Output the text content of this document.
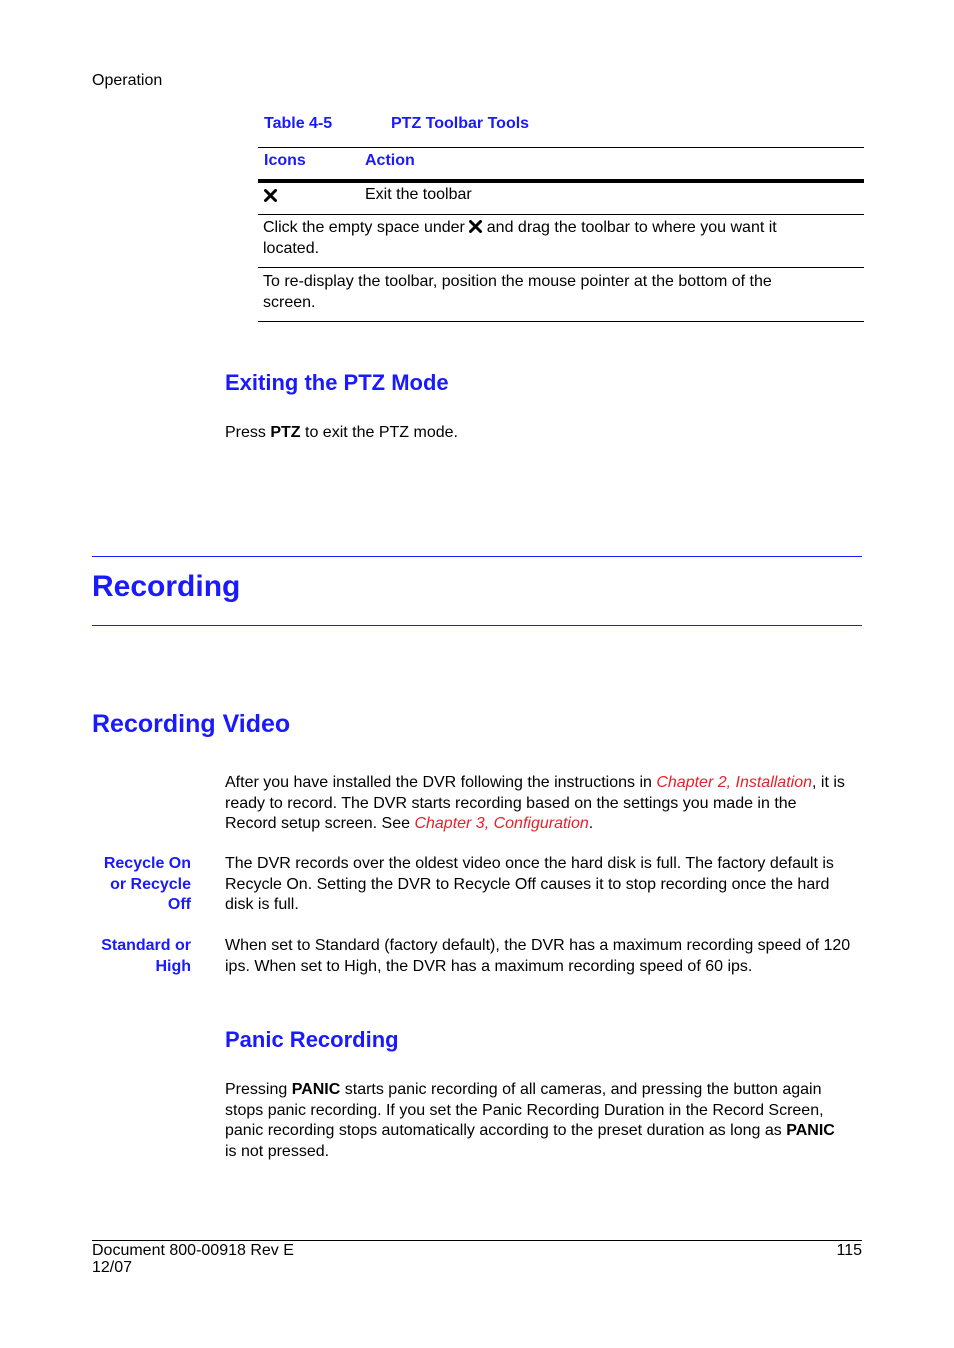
Operation
Table 4-5	PTZ Toolbar Tools
Icons	Action
Exit the toolbar
Click the empty space under and drag the toolbar to where you want it
located.
To re-display the toolbar, position the mouse pointer at the bottom of the
screen.
Exiting the PTZ Mode
Press PTZ to exit the PTZ mode.
Recording
Recording Video
After you have installed the DVR following the instructions in Chapter 2, Installation, it is
ready to record. The DVR starts recording based on the settings you made in the
Record setup screen. See Chapter 3, Configuration.
Recycle On
or Recycle
Off
The DVR records over the oldest video once the hard disk is full. The factory default is
Recycle On. Setting the DVR to Recycle Off causes it to stop recording once the hard
disk is full.
Standard or
High
When set to Standard (factory default), the DVR has a maximum recording speed of 120
ips. When set to High, the DVR has a maximum recording speed of 60 ips.
Panic Recording
Pressing PANIC starts panic recording of all cameras, and pressing the button again
stops panic recording. If you set the Panic Recording Duration in the Record Screen,
panic recording stops automatically according to the preset duration as long as PANIC
is not pressed.
Document 800-00918 Rev E
12/07
115
